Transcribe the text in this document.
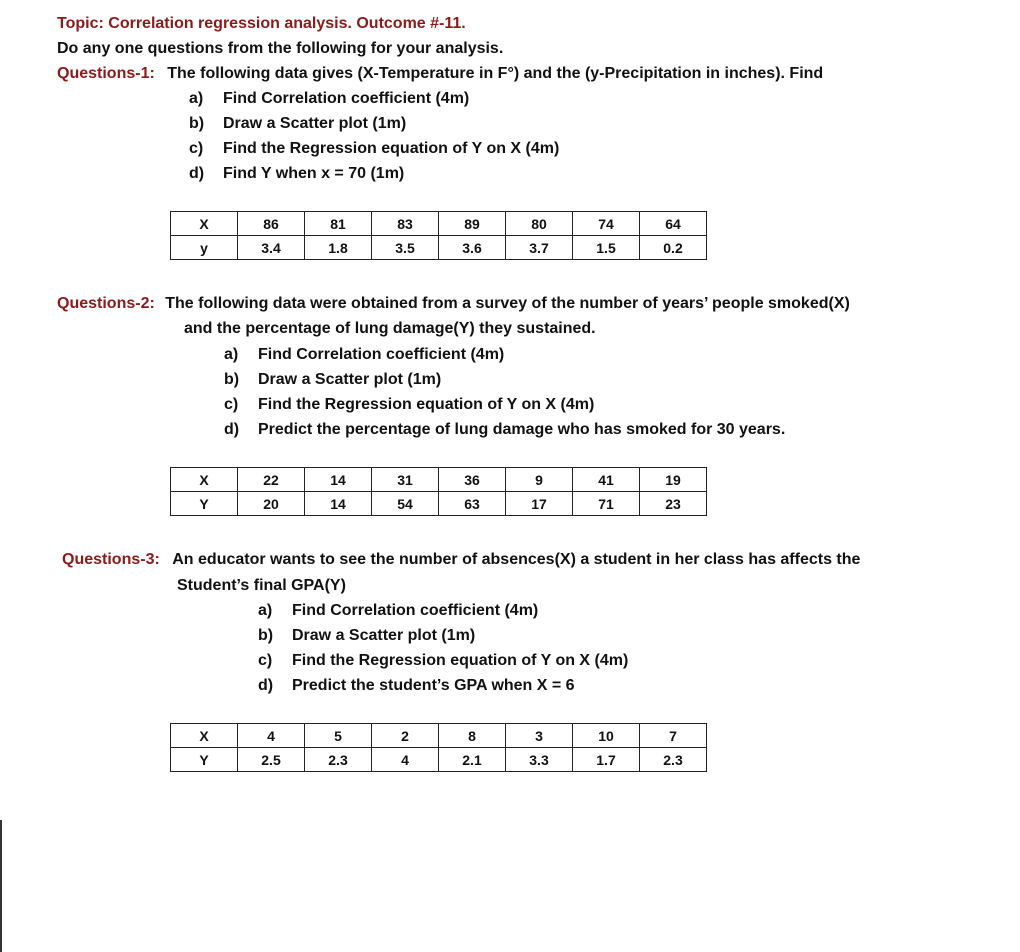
Topic: Correlation regression analysis. Outcome #-11.
Do any one questions from the following for your analysis.
Questions-1: The following data gives (X-Temperature in F°) and the (y-Precipitation in inches). Find
a) Find Correlation coefficient (4m)
b) Draw a Scatter plot (1m)
c) Find the Regression equation of Y on X (4m)
d) Find Y when x = 70 (1m)
X	86	81	83	89	80	74	64
y	3.4	1.8	3.5	3.6	3.7	1.5	0.2
Questions-2: The following data were obtained from a survey of the number of years’ people smoked(X)
and the percentage of lung damage(Y) they sustained.
a) Find Correlation coefficient (4m)
b) Draw a Scatter plot (1m)
c) Find the Regression equation of Y on X (4m)
d) Predict the percentage of lung damage who has smoked for 30 years.
X	22	14	31	36	9	41	19
Y	20	14	54	63	17	71	23
Questions-3: An educator wants to see the number of absences(X) a student in her class has affects the
Student’s final GPA(Y)
a) Find Correlation coefficient (4m)
b) Draw a Scatter plot (1m)
c) Find the Regression equation of Y on X (4m)
d) Predict the student’s GPA when X = 6
X	4	5	2	8	3	10	7
Y	2.5	2.3	4	2.1	3.3	1.7	2.3
